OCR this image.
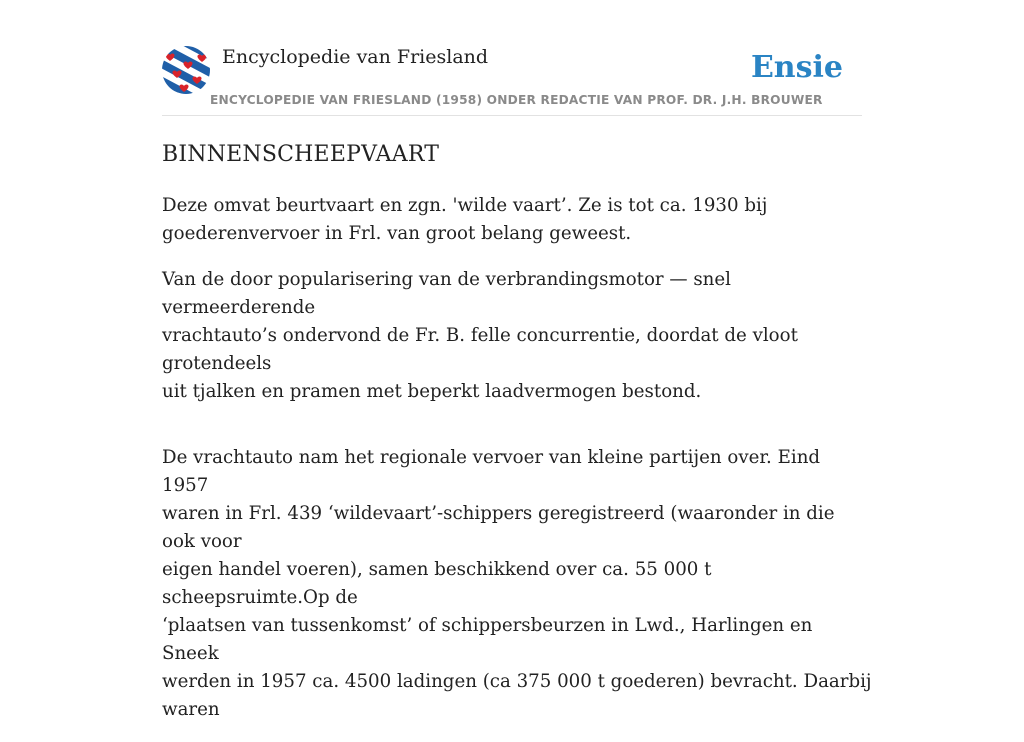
Encyclopedie van Friesland
ENCYCLOPEDIE VAN FRIESLAND (1958) ONDER REDACTIE VAN PROF. DR. J.H. BROUWER
Ensie
BINNENSCHEEPVAART

Deze omvat beurtvaart en zgn. 'wilde vaart’. Ze is tot ca. 1930 bij
goederenvervoer in Frl. van groot belang geweest.

Van de door popularisering van de verbrandingsmotor — snel vermeerderende
vrachtauto’s ondervond de Fr. B. felle concurrentie, doordat de vloot grotendeels
uit tjalken en pramen met beperkt laadvermogen bestond.

De vrachtauto nam het regionale vervoer van kleine partijen over. Eind 1957
waren in Frl. 439 ‘wildevaart’-schippers geregistreerd (waaronder in die ook voor
eigen handel voeren), samen beschikkend over ca. 55 000 t scheepsruimte.Op de
‘plaatsen van tussenkomst’ of schippersbeurzen in Lwd., Harlingen en Sneek
werden in 1957 ca. 4500 ladingen (ca 375 000 t goederen) bevracht. Daarbij waren
